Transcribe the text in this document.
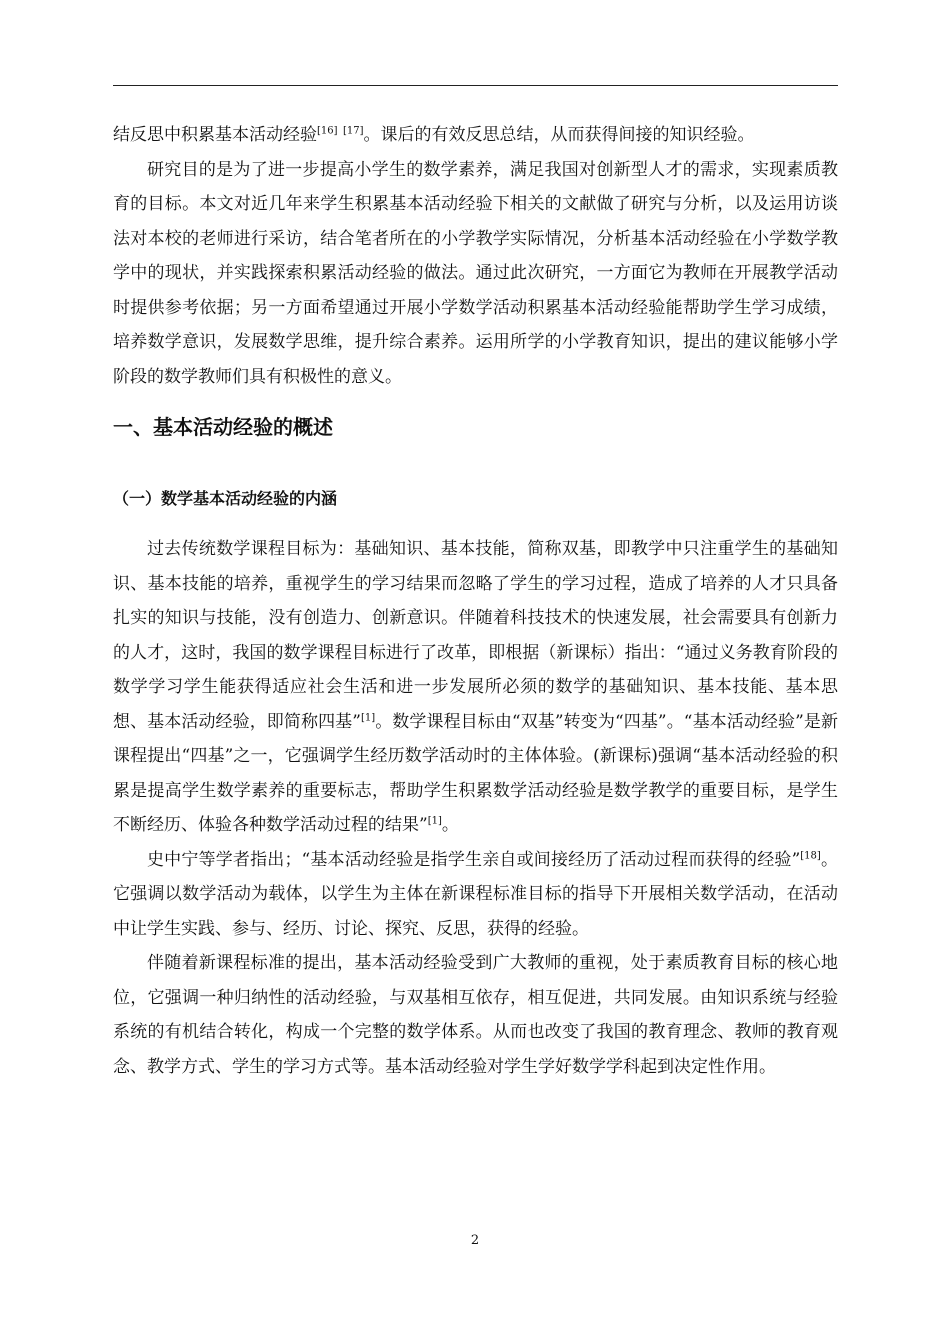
结反思中积累基本活动经验[16] [17]。课后的有效反思总结，从而获得间接的知识经验。

研究目的是为了进一步提高小学生的数学素养，满足我国对创新型人才的需求，实现素质教育的目标。本文对近几年来学生积累基本活动经验下相关的文献做了研究与分析，以及运用访谈法对本校的老师进行采访，结合笔者所在的小学教学实际情况，分析基本活动经验在小学数学教学中的现状，并实践探索积累活动经验的做法。通过此次研究，一方面它为教师在开展教学活动时提供参考依据；另一方面希望通过开展小学数学活动积累基本活动经验能帮助学生学习成绩，培养数学意识，发展数学思维，提升综合素养。运用所学的小学教育知识，提出的建议能够小学阶段的数学教师们具有积极性的意义。

一、基本活动经验的概述
（一）数学基本活动经验的内涵

过去传统数学课程目标为：基础知识、基本技能，简称双基，即教学中只注重学生的基础知识、基本技能的培养，重视学生的学习结果而忽略了学生的学习过程，造成了培养的人才只具备扎实的知识与技能，没有创造力、创新意识。伴随着科技技术的快速发展，社会需要具有创新力的人才，这时，我国的数学课程目标进行了改革，即根据（新课标）指出：“通过义务教育阶段的数学学习学生能获得适应社会生活和进一步发展所必须的数学的基础知识、基本技能、基本思想、基本活动经验，即简称四基”[1]。数学课程目标由“双基”转变为“四基”。“基本活动经验”是新课程提出“四基”之一，它强调学生经历数学活动时的主体体验。(新课标)强调“基本活动经验的积累是提高学生数学素养的重要标志，帮助学生积累数学活动经验是数学教学的重要目标，是学生不断经历、体验各种数学活动过程的结果”[1]。

史中宁等学者指出；“基本活动经验是指学生亲自或间接经历了活动过程而获得的经验”[18]。它强调以数学活动为载体，以学生为主体在新课程标准目标的指导下开展相关数学活动，在活动中让学生实践、参与、经历、讨论、探究、反思，获得的经验。

伴随着新课程标准的提出，基本活动经验受到广大教师的重视，处于素质教育目标的核心地位，它强调一种归纳性的活动经验，与双基相互依存，相互促进，共同发展。由知识系统与经验系统的有机结合转化，构成一个完整的数学体系。从而也改变了我国的教育理念、教师的教育观念、教学方式、学生的学习方式等。基本活动经验对学生学好数学学科起到决定性作用。

2
